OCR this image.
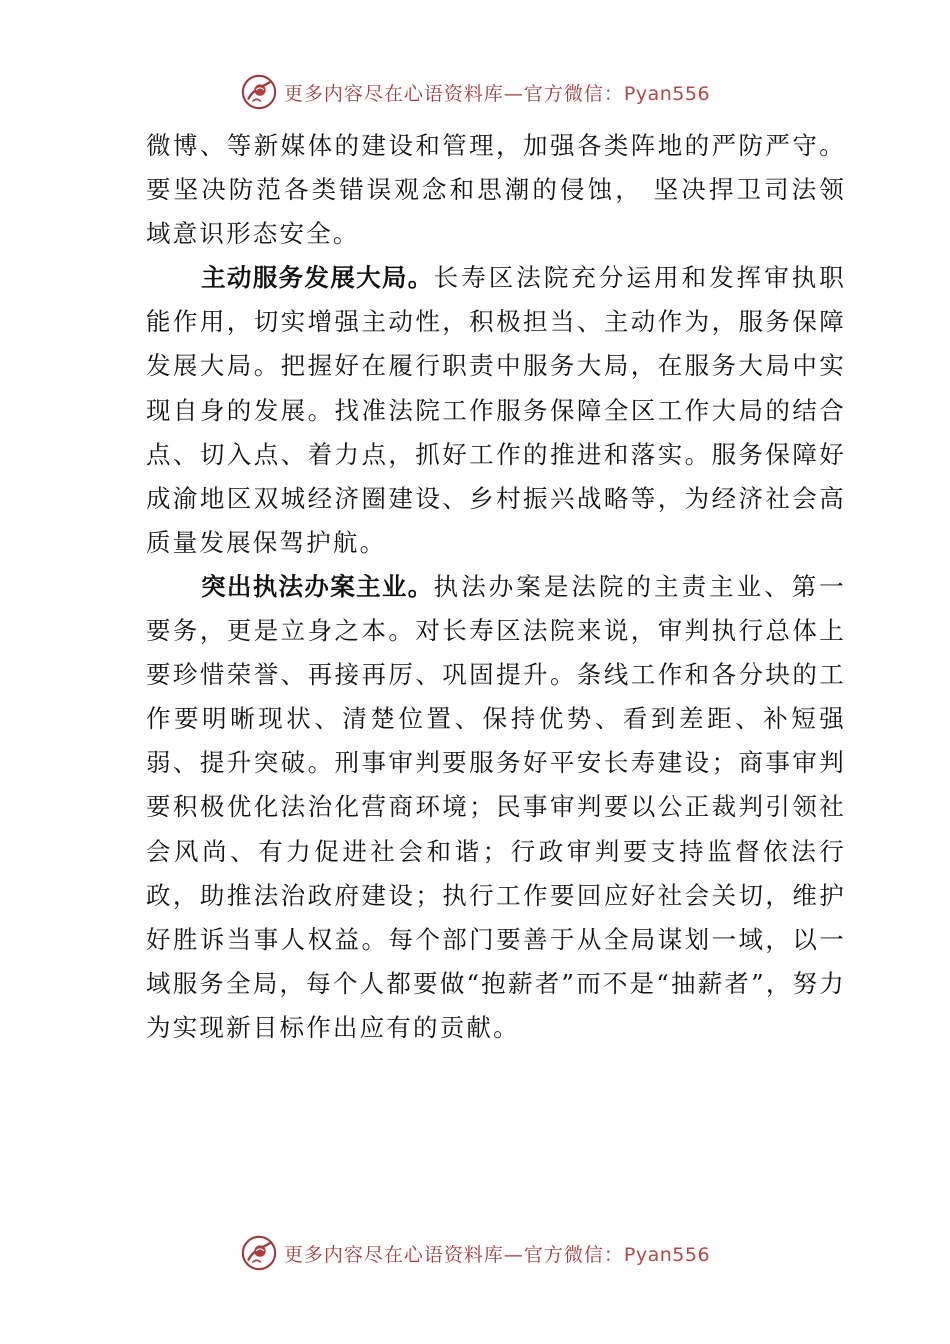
更多内容尽在心语资料库—官方微信：Pyan556

微博、等新媒体的建设和管理，加强各类阵地的严防严守。要坚决防范各类错误观念和思潮的侵蚀， 坚决捍卫司法领域意识形态安全。

主动服务发展大局。长寿区法院充分运用和发挥审执职能作用，切实增强主动性，积极担当、主动作为，服务保障发展大局。把握好在履行职责中服务大局，在服务大局中实现自身的发展。找准法院工作服务保障全区工作大局的结合点、切入点、着力点，抓好工作的推进和落实。服务保障好成渝地区双城经济圈建设、乡村振兴战略等，为经济社会高质量发展保驾护航。

突出执法办案主业。执法办案是法院的主责主业、第一要务，更是立身之本。对长寿区法院来说，审判执行总体上要珍惜荣誉、再接再厉、巩固提升。条线工作和各分块的工作要明晰现状、清楚位置、保持优势、看到差距、补短强弱、提升突破。刑事审判要服务好平安长寿建设；商事审判要积极优化法治化营商环境；民事审判要以公正裁判引领社会风尚、有力促进社会和谐；行政审判要支持监督依法行政，助推法治政府建设；执行工作要回应好社会关切，维护好胜诉当事人权益。每个部门要善于从全局谋划一域，以一域服务全局，每个人都要做“抱薪者”而不是“抽薪者”，努力为实现新目标作出应有的贡献。

更多内容尽在心语资料库—官方微信：Pyan556
